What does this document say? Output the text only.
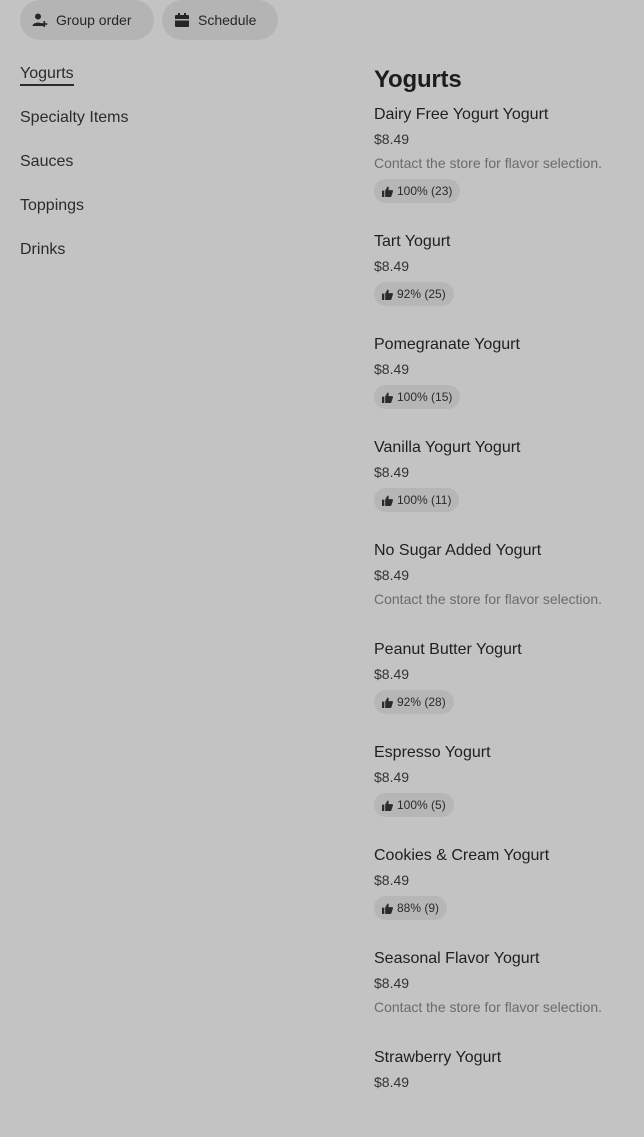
Group order	Schedule
Yogurts
Specialty Items
Sauces
Toppings
Drinks
Yogurts
Dairy Free Yogurt Yogurt
$8.49
Contact the store for flavor selection.
100% (23)
Tart Yogurt
$8.49
92% (25)
Pomegranate Yogurt
$8.49
100% (15)
Vanilla Yogurt Yogurt
$8.49
100% (11)
No Sugar Added Yogurt
$8.49
Contact the store for flavor selection.
Peanut Butter Yogurt
$8.49
92% (28)
Espresso Yogurt
$8.49
100% (5)
Cookies & Cream Yogurt
$8.49
88% (9)
Seasonal Flavor Yogurt
$8.49
Contact the store for flavor selection.
Strawberry Yogurt
$8.49
